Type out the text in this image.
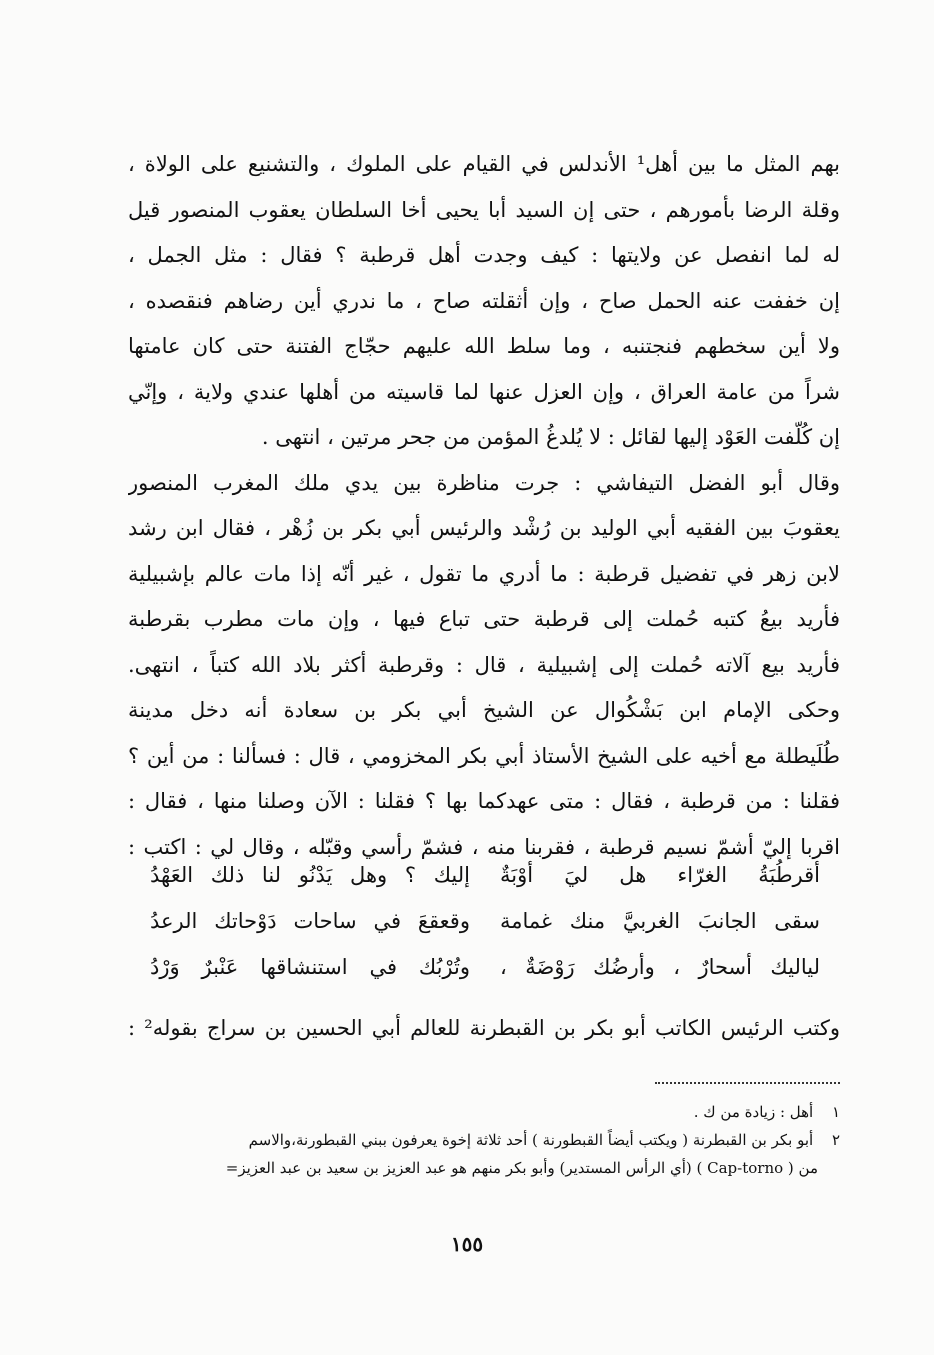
بهم المثل ما بين أهل¹ الأندلس في القيام على الملوك ، والتشنيع على الولاة ،
وقلة الرضا بأمورهم ، حتى إن السيد أبا يحيى أخا السلطان يعقوب المنصور قيل
له لما انفصل عن ولايتها : كيف وجدت أهل قرطبة ؟ فقال : مثل الجمل ،
إن خففت عنه الحمل صاح ، وإن أثقلته صاح ، ما ندري أين رضاهم فنقصده ،
ولا أين سخطهم فنجتنبه ، وما سلط الله عليهم حجّاج الفتنة حتى كان عامتها
شراً من عامة العراق ، وإن العزل عنها لما قاسيته من أهلها عندي ولاية ، وإنّي
إن كُلّفت العَوْد إليها لقائل : لا يُلدغُ المؤمن من جحر مرتين ، انتهى .
وقال أبو الفضل التيفاشي : جرت مناظرة بين يدي ملك المغرب المنصور
يعقوبَ بين الفقيه أبي الوليد بن رُشْد والرئيس أبي بكر بن زُهْر ، فقال ابن رشد
لابن زهر في تفضيل قرطبة : ما أدري ما تقول ، غير أنّه إذا مات عالم بإشبيلية
فأريد بيعُ كتبه حُملت إلى قرطبة حتى تباع فيها ، وإن مات مطرب بقرطبة
فأريد بيع آلاته حُملت إلى إشبيلية ، قال : وقرطبة أكثر بلاد الله كتباً ، انتهى.
وحكى الإمام ابن بَشْكُوال عن الشيخ أبي بكر بن سعادة أنه دخل مدينة
طُلَيطلة مع أخيه على الشيخ الأستاذ أبي بكر المخزومي ، قال : فسألنا : من أين ؟
فقلنا : من قرطبة ، فقال : متى عهدكما بها ؟ فقلنا : الآن وصلنا منها ، فقال :
اقربا إليّ أشمّ نسيم قرطبة ، فقربنا منه ، فشمّ رأسي وقبّله ، وقال لي : اكتب :
أقرطُبَةُ الغرّاء هل ليَ أوْبَةٌ
إليك ؟ وهل يَدْنُو لنا ذلك العَهْدُ
سقى الجانبَ الغربيَّ منك غمامة
وقعقعَ في ساحات دَوْحاتك الرعدُ
لياليك أسحارٌ ، وأرضُك رَوْضَةٌ ،
وتُرْبُك في استنشاقها عَنْبرٌ وَرْدُ
وكتب الرئيس الكاتب أبو بكر بن القبطرنة للعالم أبي الحسين بن سراج بقوله² :
١ أهل : زيادة من ك .
٢ أبو بكر بن القبطرنة ( ويكتب أيضاً القبطورنة ) أحد ثلاثة إخوة يعرفون ببني القبطورنة،والاسم
من ( Cap-torno ) (أي الرأس المستدير) وأبو بكر منهم هو عبد العزيز بن سعيد بن عبد العزيز=
١٥٥
